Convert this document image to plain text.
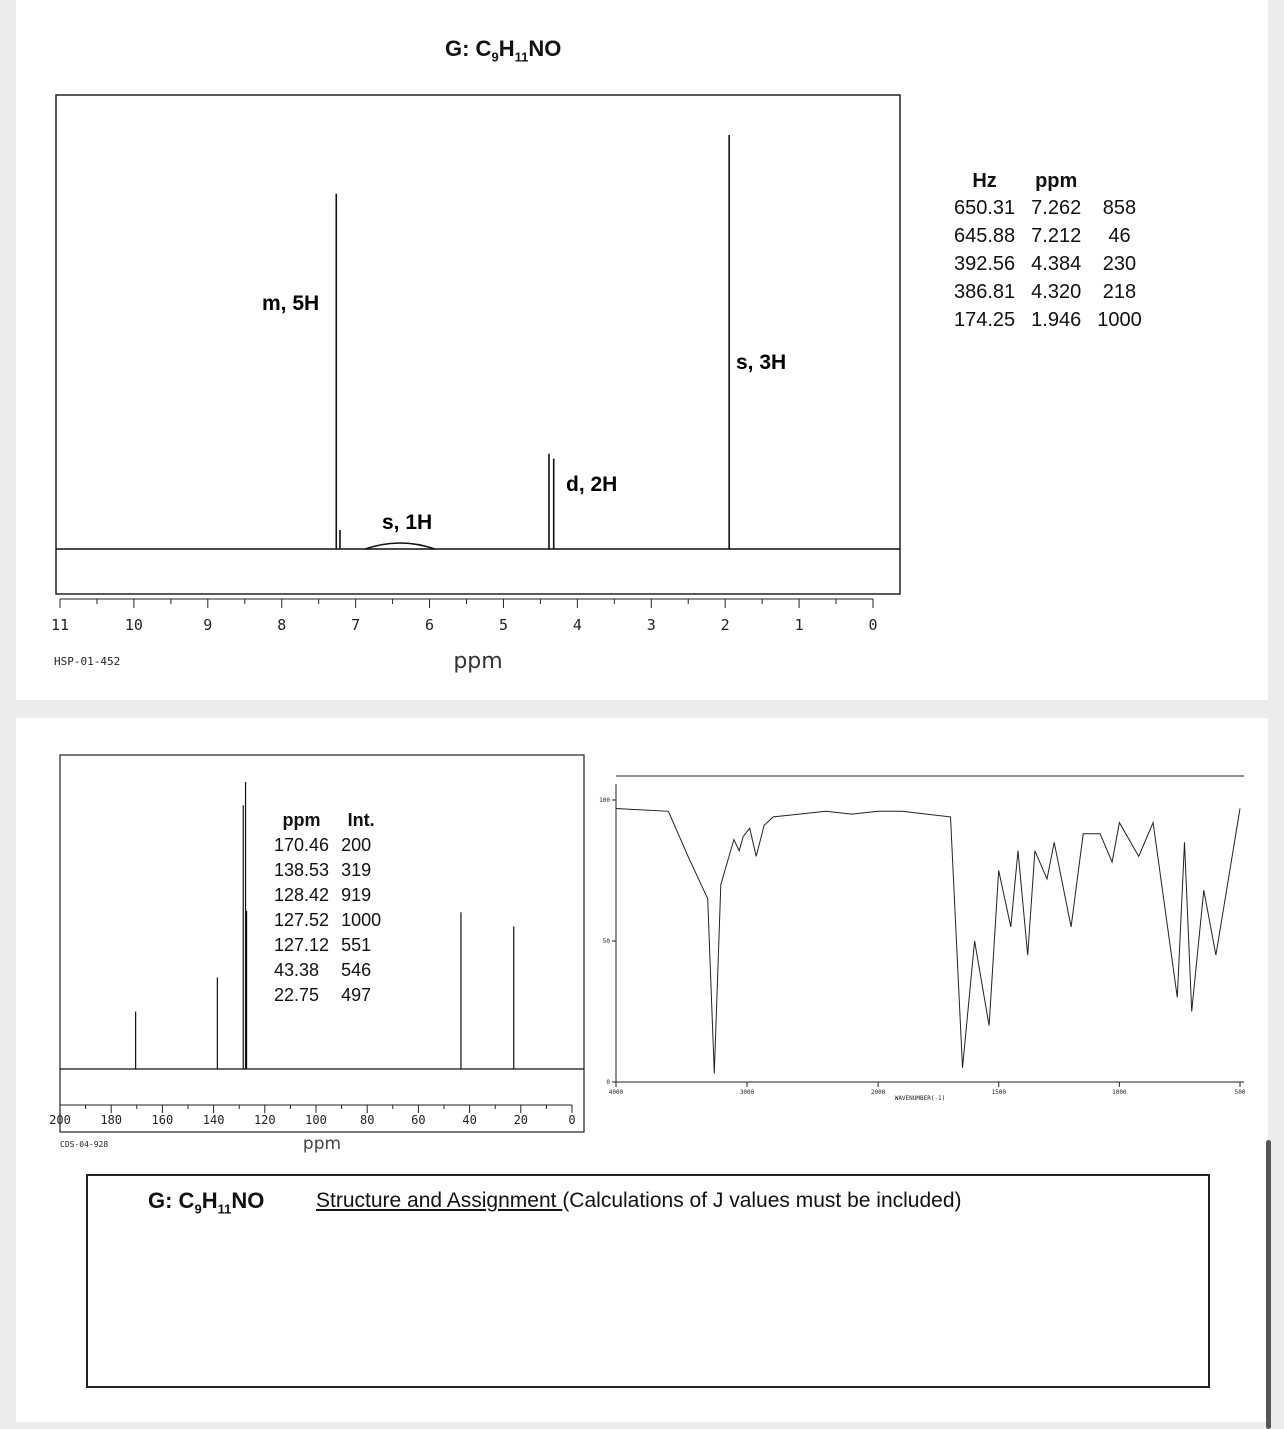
G: $C_9H_{11}NO$
11	10	9	8	7	6	5	4	3	2	1	0
HSP-01-452	ppm
m, 5H
s, 1H
d, 2H
s, 3H
Hz	ppm	
650.31	7.262	858
645.88	7.212	46
392.56	4.384	230
386.81	4.320	218
174.25	1.946	1000
200 180 160 140 120 100	80	60	40	20	0
CDS-04-928	ppm
ppm	Int.
170.46	200
138.53	319
128.42	919
127.52	1000
127.12	551
43.38	546
22.75	497
4000	3000	2000	1500	1000	500
0
50
100
WAVENUMBER(-1)
G: $C_9H_{11}NO$ Structure and Assignment (Calculations of J values must be included)
